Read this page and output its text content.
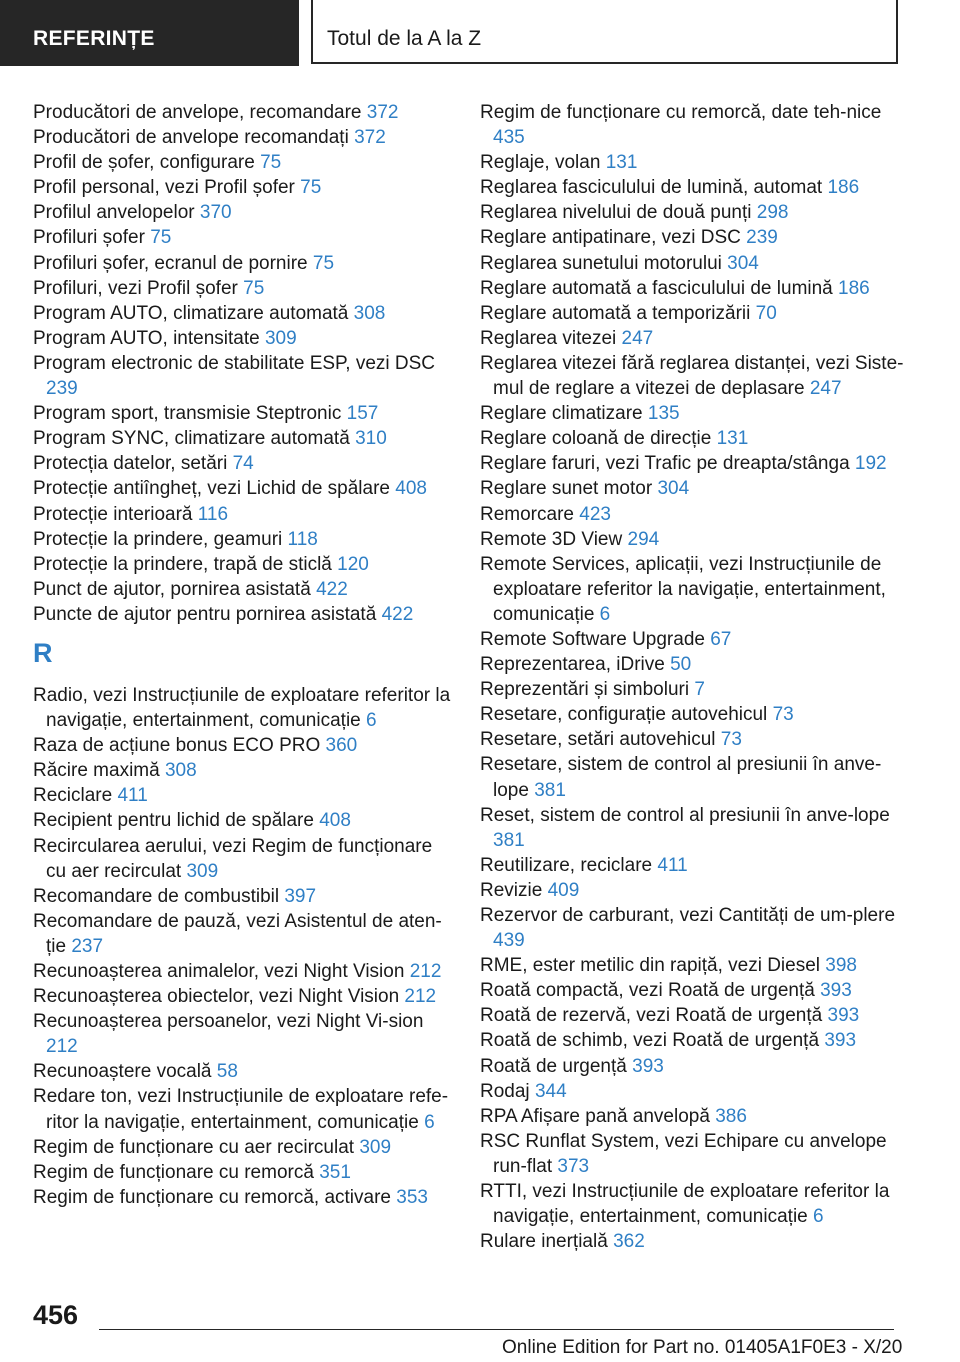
REFERINȚE	Totul de la A la Z

Producători de anvelope, recomandare 372

Producători de anvelope recomandați 372

Profil de șofer, configurare 75

Profil personal, vezi Profil șofer 75

Profilul anvelopelor 370

Profiluri șofer 75

Profiluri șofer, ecranul de pornire 75

Profiluri, vezi Profil șofer 75

Program AUTO, climatizare automată 308

Program AUTO, intensitate 309

Program electronic de stabilitate ESP, vezi DSC 239

Program sport, transmisie Steptronic 157

Program SYNC, climatizare automată 310

Protecția datelor, setări 74

Protecție antiîngheț, vezi Lichid de spălare 408

Protecție interioară 116

Protecție la prindere, geamuri 118

Protecție la prindere, trapă de sticlă 120

Punct de ajutor, pornirea asistată 422

Puncte de ajutor pentru pornirea asistată 422

R

Radio, vezi Instrucțiunile de exploatare referitor la navigație, entertainment, comunicație 6

Raza de acțiune bonus ECO PRO 360

Răcire maximă 308

Reciclare 411

Recipient pentru lichid de spălare 408

Recircularea aerului, vezi Regim de funcționare cu aer recirculat 309

Recomandare de combustibil 397

Recomandare de pauză, vezi Asistentul de aten-ție 237

Recunoașterea animalelor, vezi Night Vision 212

Recunoașterea obiectelor, vezi Night Vision 212

Recunoașterea persoanelor, vezi Night Vi-sion 212

Recunoaștere vocală 58

Redare ton, vezi Instrucțiunile de exploatare refe-ritor la navigație, entertainment, comunicație 6

Regim de funcționare cu aer recirculat 309

Regim de funcționare cu remorcă 351

Regim de funcționare cu remorcă, activare 353

Regim de funcționare cu remorcă, date teh-nice 435

Reglaje, volan 131

Reglarea fasciculului de lumină, automat 186

Reglarea nivelului de două punți 298

Reglare antipatinare, vezi DSC 239

Reglarea sunetului motorului 304

Reglare automată a fasciculului de lumină 186

Reglare automată a temporizării 70

Reglarea vitezei 247

Reglarea vitezei fără reglarea distanței, vezi Siste-mul de reglare a vitezei de deplasare 247

Reglare climatizare 135

Reglare coloană de direcție 131

Reglare faruri, vezi Trafic pe dreapta/stânga 192

Reglare sunet motor 304

Remorcare 423

Remote 3D View 294

Remote Services, aplicații, vezi Instrucțiunile de exploatare referitor la navigație, entertainment, comunicație 6

Remote Software Upgrade 67

Reprezentarea, iDrive 50

Reprezentări și simboluri 7

Resetare, configurație autovehicul 73

Resetare, setări autovehicul 73

Resetare, sistem de control al presiunii în anve-lope 381

Reset, sistem de control al presiunii în anve-lope 381

Reutilizare, reciclare 411

Revizie 409

Rezervor de carburant, vezi Cantități de um-plere 439

RME, ester metilic din rapiță, vezi Diesel 398

Roată compactă, vezi Roată de urgență 393

Roată de rezervă, vezi Roată de urgență 393

Roată de schimb, vezi Roată de urgență 393

Roată de urgență 393

Rodaj 344

RPA Afișare pană anvelopă 386

RSC Runflat System, vezi Echipare cu anvelope run-flat 373

RTTI, vezi Instrucțiunile de exploatare referitor la navigație, entertainment, comunicație 6

Rulare inerțială 362

456
Online Edition for Part no. 01405A1F0E3 - X/20
